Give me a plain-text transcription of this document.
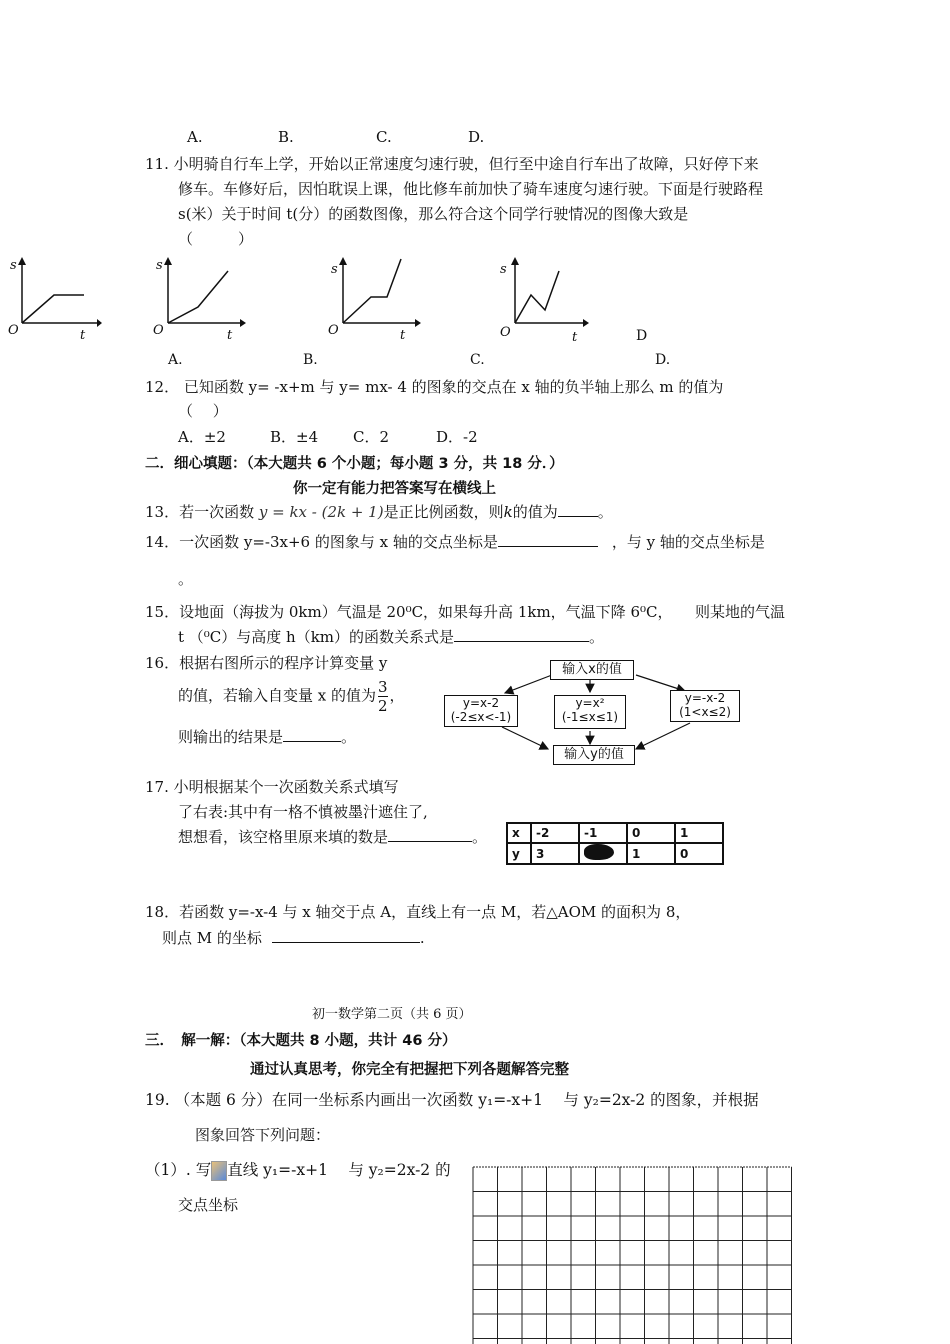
A.	B.	C.	D.
11. 小明骑自行车上学，开始以正常速度匀速行驶，但行至中途自行车出了故障，只好停下来
修车。车修好后，因怕耽误上课，他比修车前加快了骑车速度匀速行驶。下面是行驶路程
s(米）关于时间 t(分）的函数图像，那么符合这个同学行驶情况的图像大致是
（　　　）
s
O	t
s
O	t
s
O	t
s
O	t	D
A.	B.	C.	D.
12． 已知函数 y= -x+m 与 y= mx- 4 的图象的交点在 x 轴的负半轴上那么 m 的值为
（　 ）
A．±2	B．±4 C．2	D．-2
二．细心填题：（本大题共 6 个小题；每小题 3 分，共 18 分．）
你一定有能力把答案写在横线上
13．若一次函数 y = kx - (2k + 1)是正比例函数，则k的值为	。
14．一次函数 y=-3x+6 的图象与 x 轴的交点坐标是	，与 y 轴的交点坐标是
。
15．设地面（海拔为 0km）气温是 20⁰C，如果每升高 1km，气温下降 6⁰C，　　则某地的气温
t （⁰C）与高度 h（km）的函数关系式是	。
16．根据右图所示的程序计算变量 y
的值，若输入自变量 x 的值为 $\frac{3}{2}$ ，
则输出的结果是	。
输入x的值
y=x-2
(-2≤x<-1)
y=x²
(-1≤x≤1)
y=-x-2
(1<x≤2)
输入y的值
17. 小明根据某个一次函数关系式填写
了右表:其中有一格不慎被墨汁遮住了,
想想看，该空格里原来填的数是	。 x	-2	-1	0	1
y	3		1	0
18．若函数 y=-x-4 与 x 轴交于点 A，直线上有一点 M，若△AOM 的面积为 8，
则点 M 的坐标	.
初一数学第二页（共 6 页）
三．　解一解：（本大题共 8 小题，共计 46 分）
通过认真思考，你完全有把握把下列各题解答完整
19. （本题 6 分）在同一坐标系内画出一次函数 y₁=-x+1 　与 y₂=2x-2 的图象，并根据
图象回答下列问题：
（1）. 写 直线 y₁=-x+1 　与 y₂=2x-2 的
交点坐标
